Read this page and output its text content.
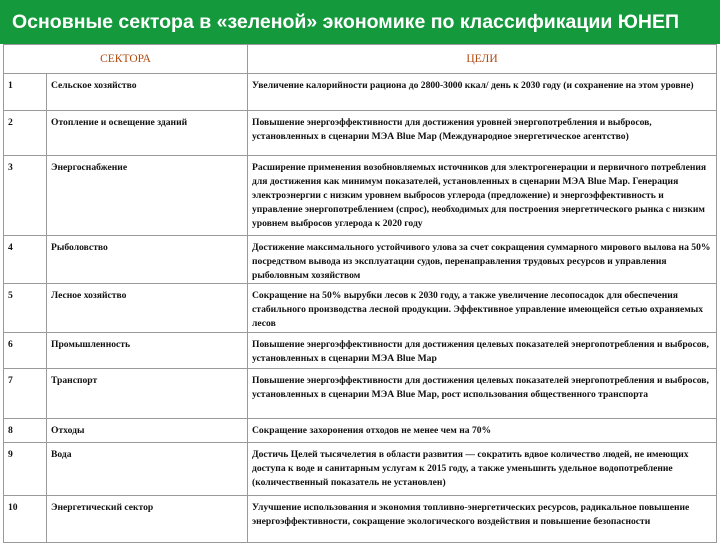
Основные сектора в «зеленой» экономике по классификации ЮНЕП
СЕКТОРА		ЦЕЛИ
1	Сельское хозяйство	Увеличение калорийности рациона до 2800-3000 ккал/ день к 2030 году (и сохранение на этом уровне)
2	Отопление и освещение зданий	Повышение энергоэффективности для достижения уровней энергопотребления и выбросов, установленных в сценарии МЭА Blue Map (Международное энергетическое агентство)
3	Энергоснабжение	Расширение применения возобновляемых источников для электрогенерации и первичного потребления для достижения как минимум показателей, установленных в сценарии МЭА Blue Map. Генерация электроэнергии с низким уровнем выбросов углерода (предложение) и энергоэффективность и управление энергопотреблением (спрос), необходимых для построения энергетического рынка с низким уровнем выбросов углерода к 2020 году
4	Рыболовство	Достижение максимального устойчивого улова за счет сокращения суммарного мирового вылова на 50% посредством вывода из эксплуатации судов, перенаправления трудовых ресурсов и управления рыболовным хозяйством
5	Лесное хозяйство	Сокращение на 50% вырубки лесов к 2030 году, а также увеличение лесопосадок для обеспечения стабильного производства лесной продукции. Эффективное управление имеющейся сетью охраняемых лесов
6	Промышленность	Повышение энергоэффективности для достижения целевых показателей энергопотребления и выбросов, установленных в сценарии МЭА Blue Map
7	Транспорт	Повышение энергоэффективности для достижения целевых показателей энергопотребления и выбросов, установленных в сценарии МЭА Blue Map, рост использования общественного транспорта
8	Отходы	Сокращение захоронения отходов не менее чем на 70%
9	Вода	Достичь Целей тысячелетия в области развития — сократить вдвое количество людей, не имеющих доступа к воде и санитарным услугам к 2015 году, а также уменьшить удельное водопотребление (количественный показатель не установлен)
10	Энергетический сектор	Улучшение использования и экономия топливно-энергетических ресурсов, радикальное повышение энергоэффективности, сокращение экологического воздействия и повышение безопасности
